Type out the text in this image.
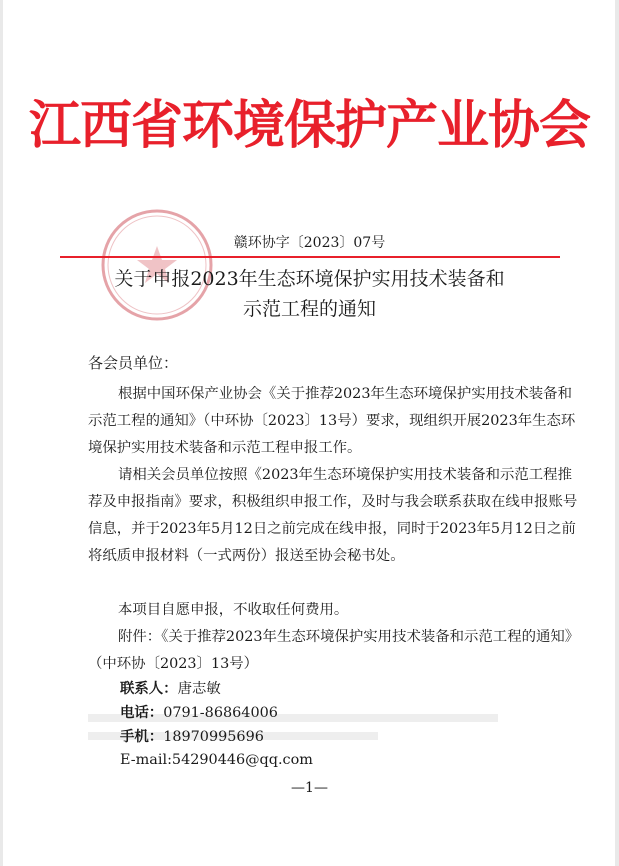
江西省环境保护产业协会
赣环协字〔2023〕07号
关于申报2023年生态环境保护实用技术装备和
示范工程的通知
各会员单位：
根据中国环保产业协会《关于推荐2023年生态环境保护实用技术装备和示范工程的通知》（中环协〔2023〕13号）要求，现组织开展2023年生态环境保护实用技术装备和示范工程申报工作。
请相关会员单位按照《2023年生态环境保护实用技术装备和示范工程推荐及申报指南》要求，积极组织申报工作，及时与我会联系获取在线申报账号信息，并于2023年5月12日之前完成在线申报，同时于2023年5月12日之前将纸质申报材料（一式两份）报送至协会秘书处。
本项目自愿申报，不收取任何费用。
附件：《关于推荐2023年生态环境保护实用技术装备和示范工程的通知》（中环协〔2023〕13号）
联系人：唐志敏
电话：0791-86864006
手机：18970995696
E-mail:54290446@qq.com
—1—
